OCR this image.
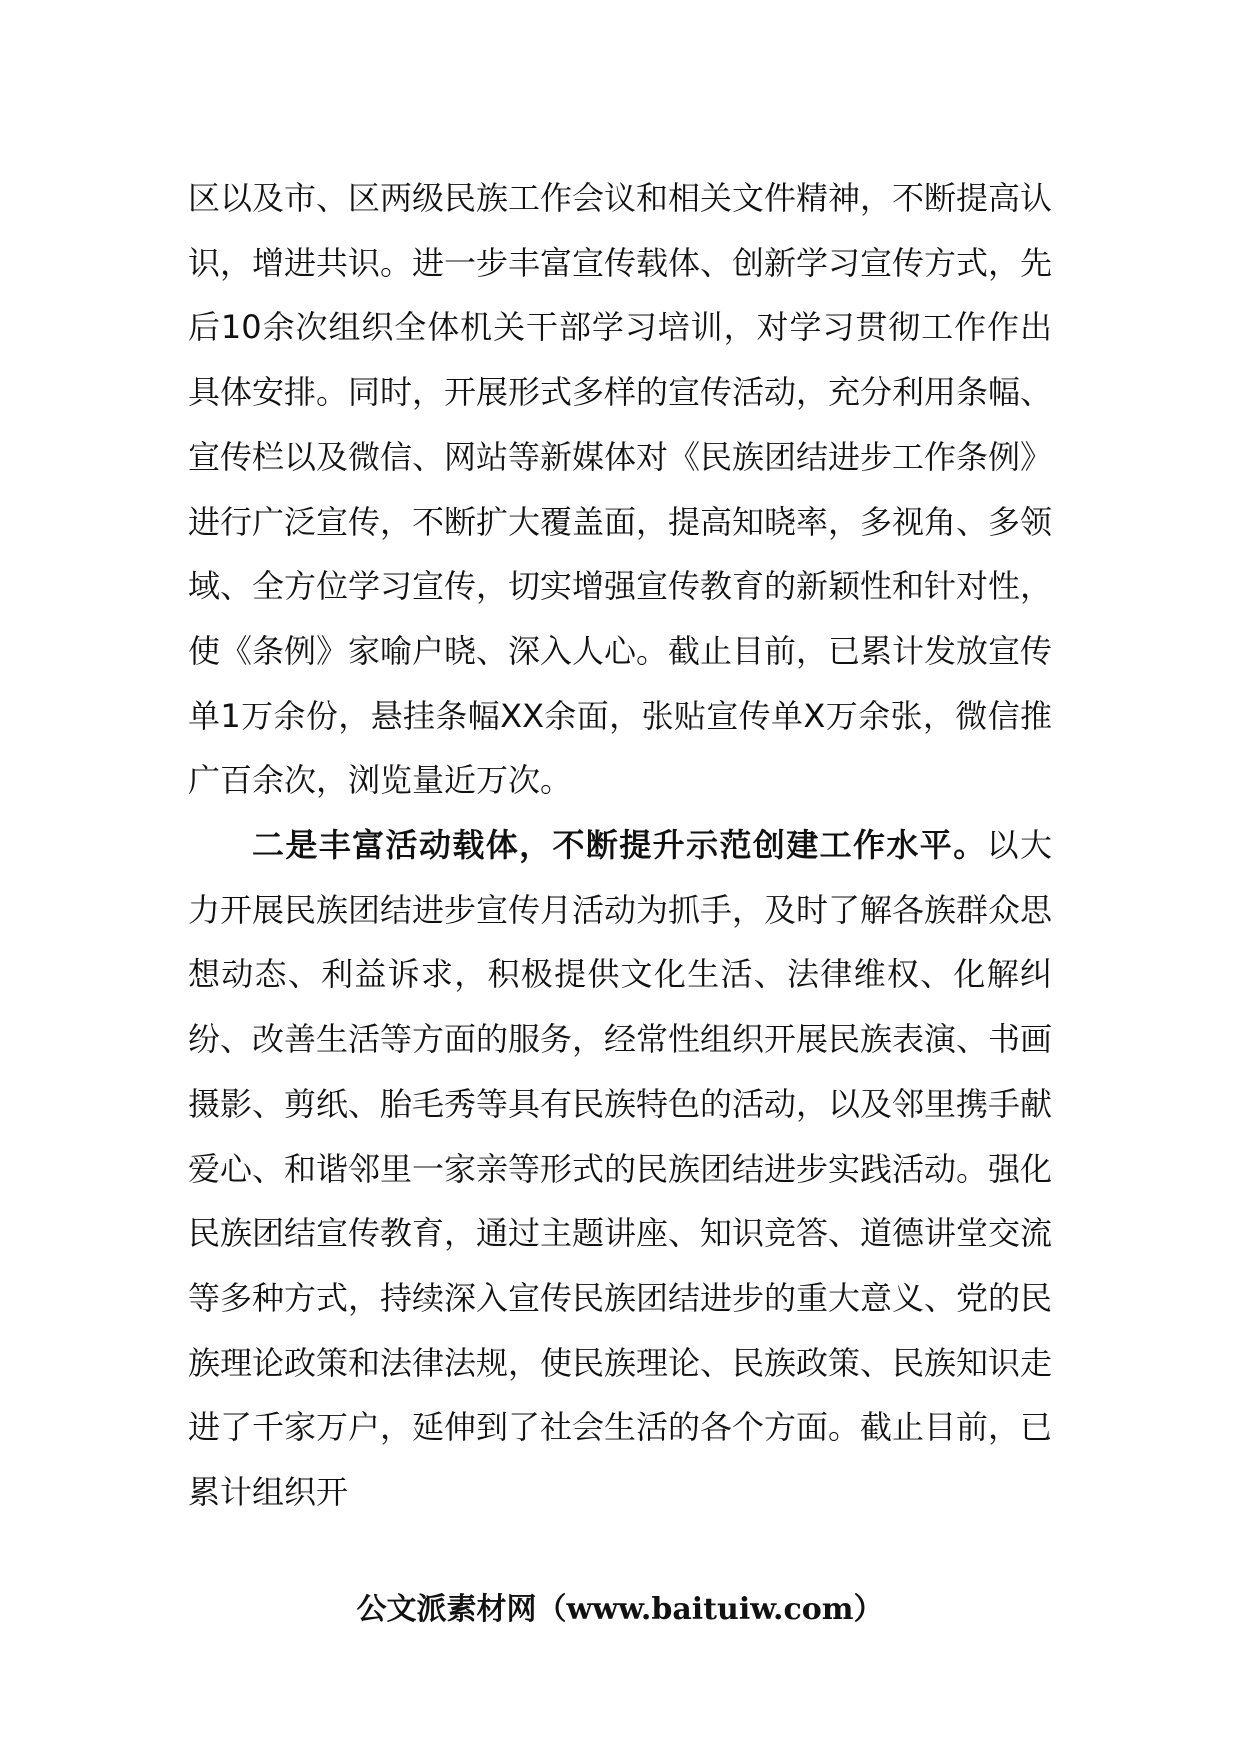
区以及市、区两级民族工作会议和相关文件精神，不断提高认识，增进共识。进一步丰富宣传载体、创新学习宣传方式，先后10余次组织全体机关干部学习培训，对学习贯彻工作作出具体安排。同时，开展形式多样的宣传活动，充分利用条幅、宣传栏以及微信、网站等新媒体对《民族团结进步工作条例》进行广泛宣传，不断扩大覆盖面，提高知晓率，多视角、多领域、全方位学习宣传，切实增强宣传教育的新颖性和针对性，使《条例》家喻户晓、深入人心。截止目前，已累计发放宣传单1万余份，悬挂条幅XX余面，张贴宣传单X万余张，微信推广百余次，浏览量近万次。

二是丰富活动载体，不断提升示范创建工作水平。以大力开展民族团结进步宣传月活动为抓手，及时了解各族群众思想动态、利益诉求，积极提供文化生活、法律维权、化解纠纷、改善生活等方面的服务，经常性组织开展民族表演、书画摄影、剪纸、胎毛秀等具有民族特色的活动，以及邻里携手献爱心、和谐邻里一家亲等形式的民族团结进步实践活动。强化民族团结宣传教育，通过主题讲座、知识竞答、道德讲堂交流等多种方式，持续深入宣传民族团结进步的重大意义、党的民族理论政策和法律法规，使民族理论、民族政策、民族知识走进了千家万户，延伸到了社会生活的各个方面。截止目前，已累计组织开

公文派素材网（www.baituiw.com）
